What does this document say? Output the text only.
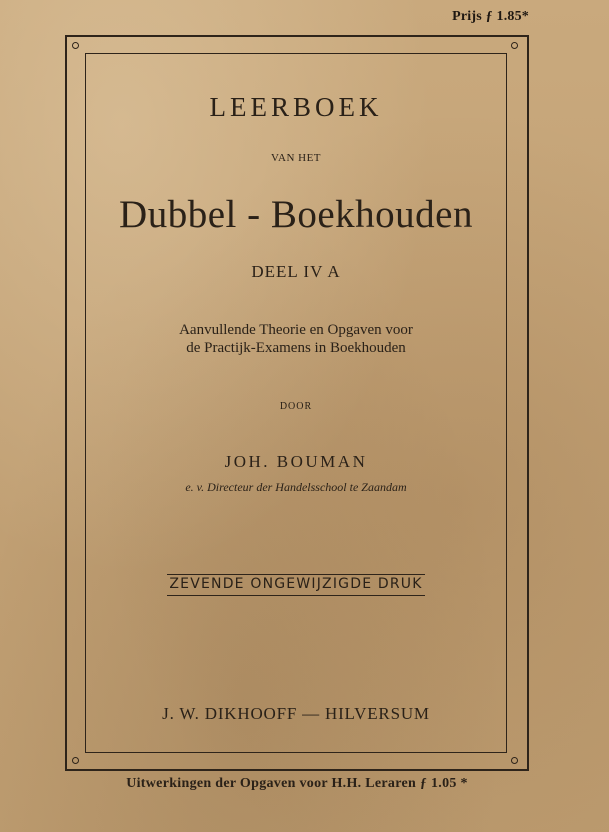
Prijs ƒ 1.85*
LEERBOEK
VAN HET
Dubbel - Boekhouden
DEEL IV A
Aanvullende Theorie en Opgaven voor
de Practijk-Examens in Boekhouden
DOOR
JOH. BOUMAN
e. v. Directeur der Handelsschool te Zaandam
ZEVENDE ONGEWIJZIGDE DRUK
J. W. DIKHOOFF — HILVERSUM
Uitwerkingen der Opgaven voor H.H. Leraren ƒ 1.05 *
